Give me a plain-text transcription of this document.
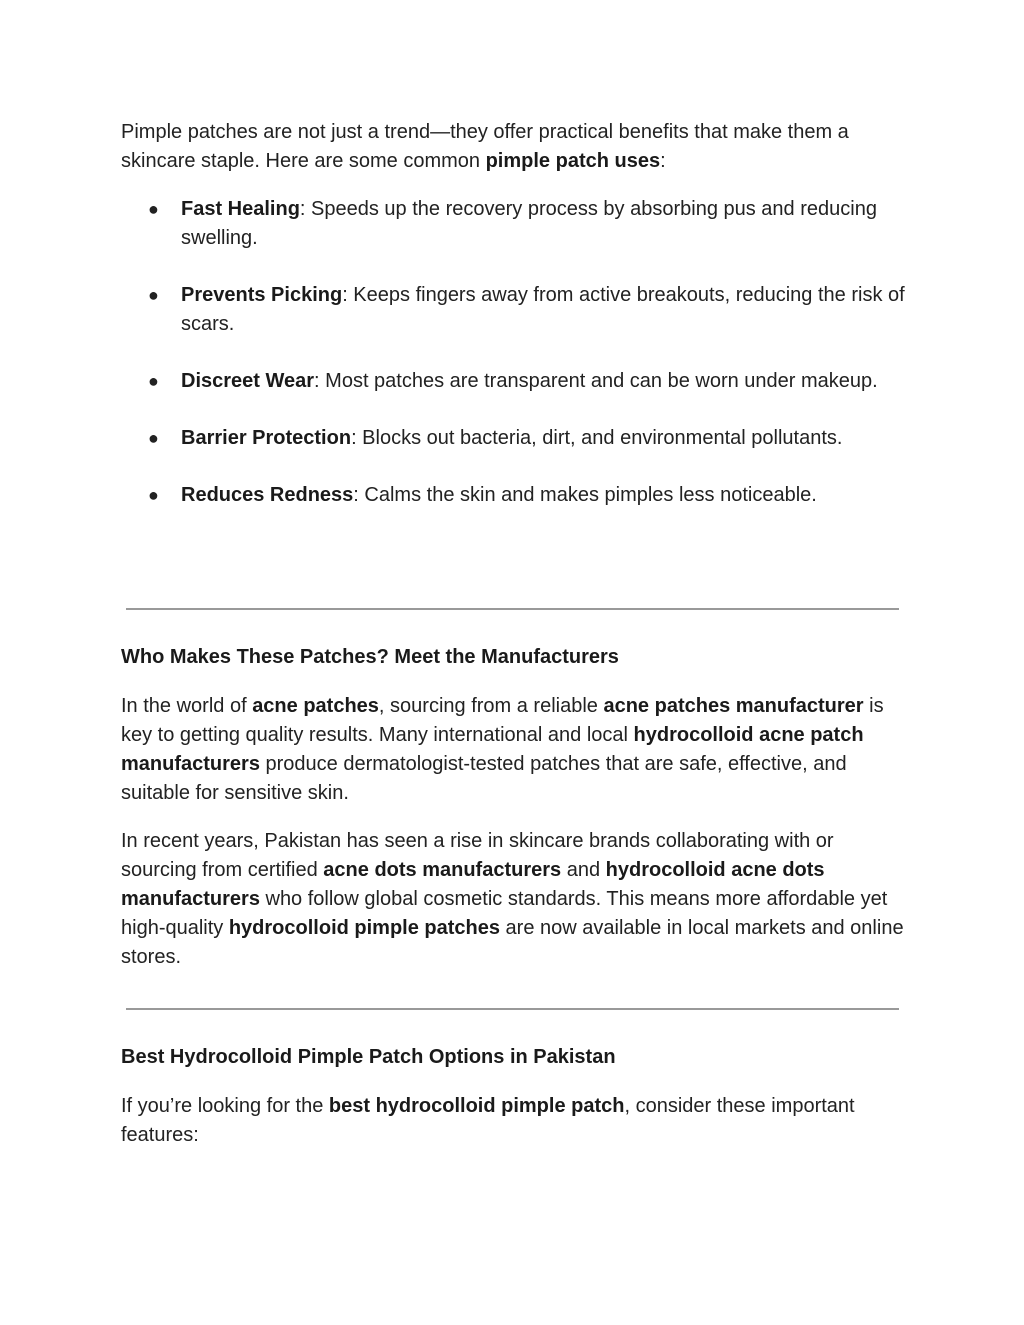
Pimple patches are not just a trend—they offer practical benefits that make them a skincare staple. Here are some common pimple patch uses:

● Fast Healing: Speeds up the recovery process by absorbing pus and reducing swelling.
● Prevents Picking: Keeps fingers away from active breakouts, reducing the risk of scars.
● Discreet Wear: Most patches are transparent and can be worn under makeup.
● Barrier Protection: Blocks out bacteria, dirt, and environmental pollutants.
● Reduces Redness: Calms the skin and makes pimples less noticeable.
Who Makes These Patches? Meet the Manufacturers

In the world of acne patches, sourcing from a reliable acne patches manufacturer is key to getting quality results. Many international and local hydrocolloid acne patch manufacturers produce dermatologist-tested patches that are safe, effective, and suitable for sensitive skin.

In recent years, Pakistan has seen a rise in skincare brands collaborating with or sourcing from certified acne dots manufacturers and hydrocolloid acne dots manufacturers who follow global cosmetic standards. This means more affordable yet high-quality hydrocolloid pimple patches are now available in local markets and online stores.

Best Hydrocolloid Pimple Patch Options in Pakistan

If you’re looking for the best hydrocolloid pimple patch, consider these important features:
